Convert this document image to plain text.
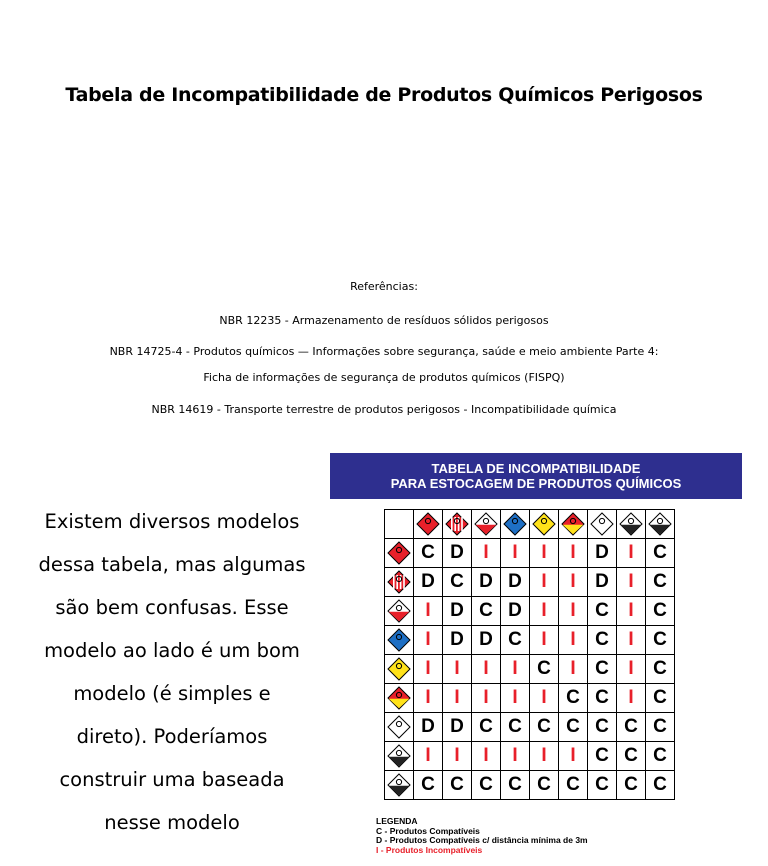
Tabela de Incompatibilidade de Produtos Químicos Perigosos
Referências:
NBR 12235 - Armazenamento de resíduos sólidos perigosos
NBR 14725-4 - Produtos químicos — Informações sobre segurança, saúde e meio ambiente Parte 4:
Ficha de informações de segurança de produtos químicos (FISPQ)
NBR 14619 - Transporte terrestre de produtos perigosos - Incompatibilidade química
Existem diversos modelos
dessa tabela, mas algumas
são bem confusas. Esse
modelo ao lado é um bom
modelo (é simples e
direto). Poderíamos
construir uma baseada
nesse modelo
TABELA DE INCOMPATIBILIDADE
PARA ESTOCAGEM DE PRODUTOS QUÍMICOS

	C	D	I	I	I	I	D	I	C

	D	C	D	D	I	I	D	I	C

	I	D	C	D	I	I	C	I	C

	I	D	D	C	I	I	C	I	C

	I	I	I	I	C	I	C	I	C

	I	I	I	I	I	C	C	I	C

	D	D	C	C	C	C	C	C	C

	I	I	I	I	I	I	C	C	C

	C	C	C	C	C	C	C	C	C
LEGENDA
C - Produtos Compatíveis
D - Produtos Compatíveis c/ distância mínima de 3m
I - Produtos Incompatíveis
